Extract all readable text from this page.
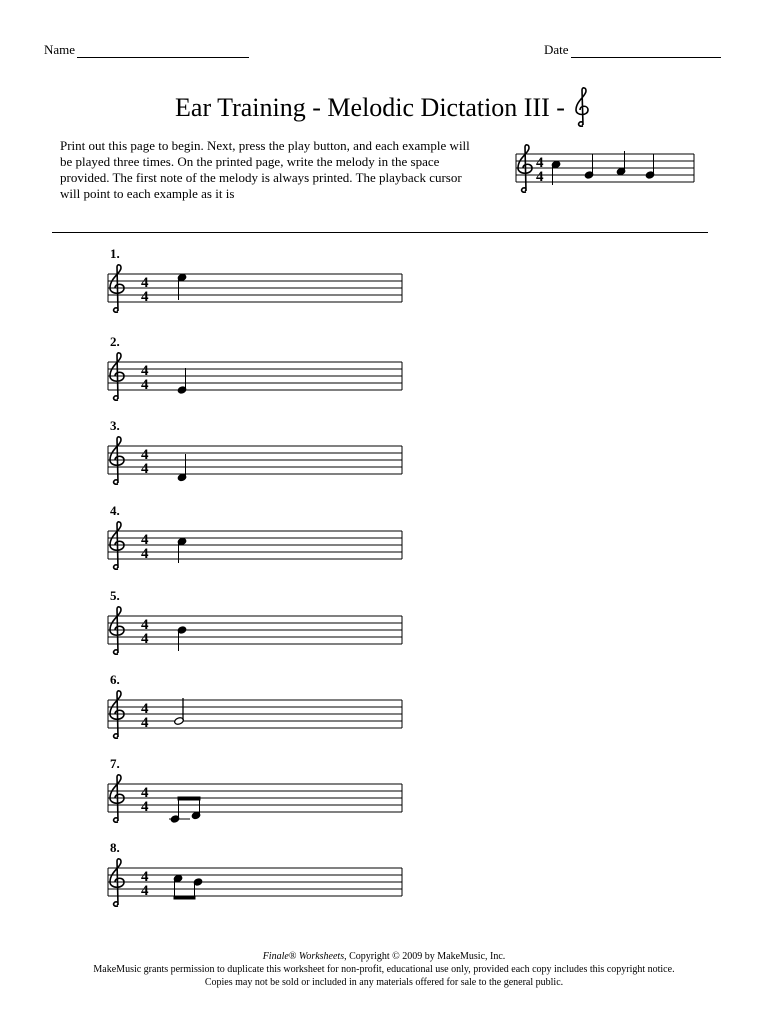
Name	Date
Ear Training - Melodic Dictation III -
Print out this page to begin. Next, press the play button, and each example will be played three times. On the printed page, write the melody in the space provided. The first note of the melody is always printed. The playback cursor will point to each example as it is
4
4
1.
4
4
2.
4
4
3.
4
4
4.
4
4
5.
4
4
6.
4
4
7.
4
4
8.
4
4
Finale® Worksheets, Copyright © 2009 by MakeMusic, Inc.
MakeMusic grants permission to duplicate this worksheet for non-profit, educational use only, provided each copy includes this copyright notice.
Copies may not be sold or included in any materials offered for sale to the general public.
